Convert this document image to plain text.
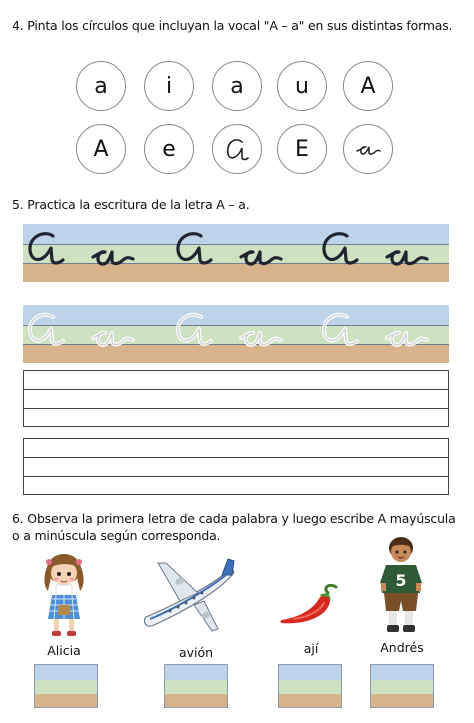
4. Pinta los círculos que incluyan la vocal "A – a" en sus distintas formas.
a	i	a u A
A e	E
5. Practica la escritura de la letra A – a.
6. Observa la primera letra de cada palabra y luego escribe A mayúscula
o a minúscula según corresponda.
5
Alicia	avión	ají	Andrés
